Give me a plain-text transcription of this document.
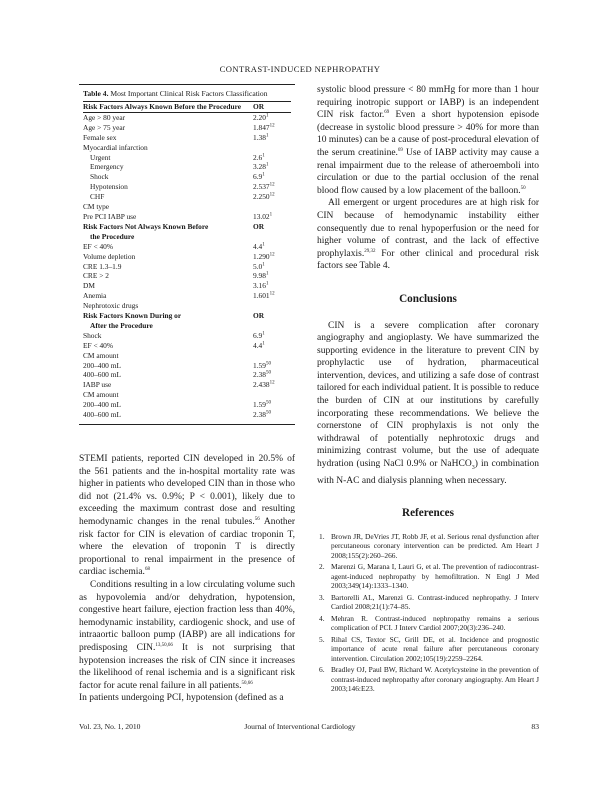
CONTRAST-INDUCED NEPHROPATHY
Table 4. Most Important Clinical Risk Factors Classification
Risk Factors Always Known Before the Procedure	OR
Age > 80 year	2.20$^1$
Age > 75 year	1.847$^{12}$
Female sex	1.38$^1$
Myocardial infarction	
Urgent	$2.6^1$
Emergency	3.28$^1$
Shock	$6.9^1$
Hypotension	2.537$^{12}$
CHF	2.250$^{12}$
CM type	
Pre PCI IABP use	13.02$^1$
Risk Factors Not Always Known Before	OR
the Procedure	
EF < 40%	$4.4^1$
Volume depletion	1.290$^{12}$
CRE 1.3–1.9	$5.0^1$
CRE > 2	9.98$^1$
DM	3.16$^1$
Anemia	1.601$^{12}$
Nephrotoxic drugs	
Risk Factors Known During or	OR
After the Procedure	
Shock	$6.9^1$
EF < 40%	$4.4^1$
CM amount	
200–400 mL	1.59$^{50}$
400–600 mL	2.38$^{50}$
IABP use	2.438$^{12}$
CM amount	
200–400 mL	1.59$^{50}$
400–600 mL	2.38$^{50}$

STEMI patients, reported CIN developed in 20.5% of the 561 patients and the in-hospital mortality rate was higher in patients who developed CIN than in those who did not (21.4% vs. 0.9%; P < 0.001), likely due to exceeding the maximum contrast dose and resulting hemodynamic changes in the renal tubules.$^{56}$ Another risk factor for CIN is elevation of cardiac troponin T, where the elevation of troponin T is directly proportional to renal impairment in the presence of cardiac ischemia.$^{68}$

Conditions resulting in a low circulating volume such as hypovolemia and/or dehydration, hypotension, congestive heart failure, ejection fraction less than 40%, hemodynamic instability, cardiogenic shock, and use of intraaortic balloon pump (IABP) are all indications for predisposing CIN.$^{13,50,66}$ It is not surprising that hypotension increases the risk of CIN since it increases the likelihood of renal ischemia and is a significant risk factor for acute renal failure in all patients.$^{50,66}$

In patients undergoing PCI, hypotension (defined as a

systolic blood pressure < 80 mmHg for more than 1 hour requiring inotropic support or IABP) is an independent CIN risk factor.$^{69}$ Even a short hypotension episode (decrease in systolic blood pressure > 40% for more than 10 minutes) can be a cause of post-procedural elevation of the serum creatinine.$^{69}$ Use of IABP activity may cause a renal impairment due to the release of atheroemboli into circulation or due to the partial occlusion of the renal blood flow caused by a low placement of the balloon.$^{50}$

All emergent or urgent procedures are at high risk for CIN because of hemodynamic instability either consequently due to renal hypoperfusion or the need for higher volume of contrast, and the lack of effective prophylaxis.$^{29,32}$ For other clinical and procedural risk factors see Table 4.

Conclusions

CIN is a severe complication after coronary angiography and angioplasty. We have summarized the supporting evidence in the literature to prevent CIN by prophylactic use of hydration, pharmaceutical intervention, devices, and utilizing a safe dose of contrast tailored for each individual patient. It is possible to reduce the burden of CIN at our institutions by carefully incorporating these recommendations. We believe the cornerstone of CIN prophylaxis is not only the withdrawal of potentially nephrotoxic drugs and minimizing contrast volume, but the use of adequate hydration (using NaCl 0.9% or NaHCO$_3$) in combination with N-AC and dialysis planning when necessary.

References
1. Brown JR, DeVries JT, Robb JF, et al. Serious renal dysfunction after percutaneous coronary intervention can be predicted. Am Heart J 2008;155(2):260–266.
2. Marenzi G, Marana I, Lauri G, et al. The prevention of radiocontrast-agent-induced nephropathy by hemofiltration. N Engl J Med 2003;349(14):1333–1340.
3. Bartorelli AL, Marenzi G. Contrast-induced nephropathy. J Interv Cardiol 2008;21(1):74–85.
4. Mehran R. Contrast-induced nephropathy remains a serious complication of PCI. J Interv Cardiol 2007;20(3):236–240.
5. Rihal CS, Textor SC, Grill DE, et al. Incidence and prognostic importance of acute renal failure after percutaneous coronary intervention. Circulation 2002;105(19):2259–2264.
6. Bradley OJ, Paul BW, Richard W. Acetylcysteine in the prevention of contrast-induced nephropathy after coronary angiography. Am Heart J 2003;146:E23.
Vol. 23, No. 1, 2010	Journal of Interventional Cardiology	83
